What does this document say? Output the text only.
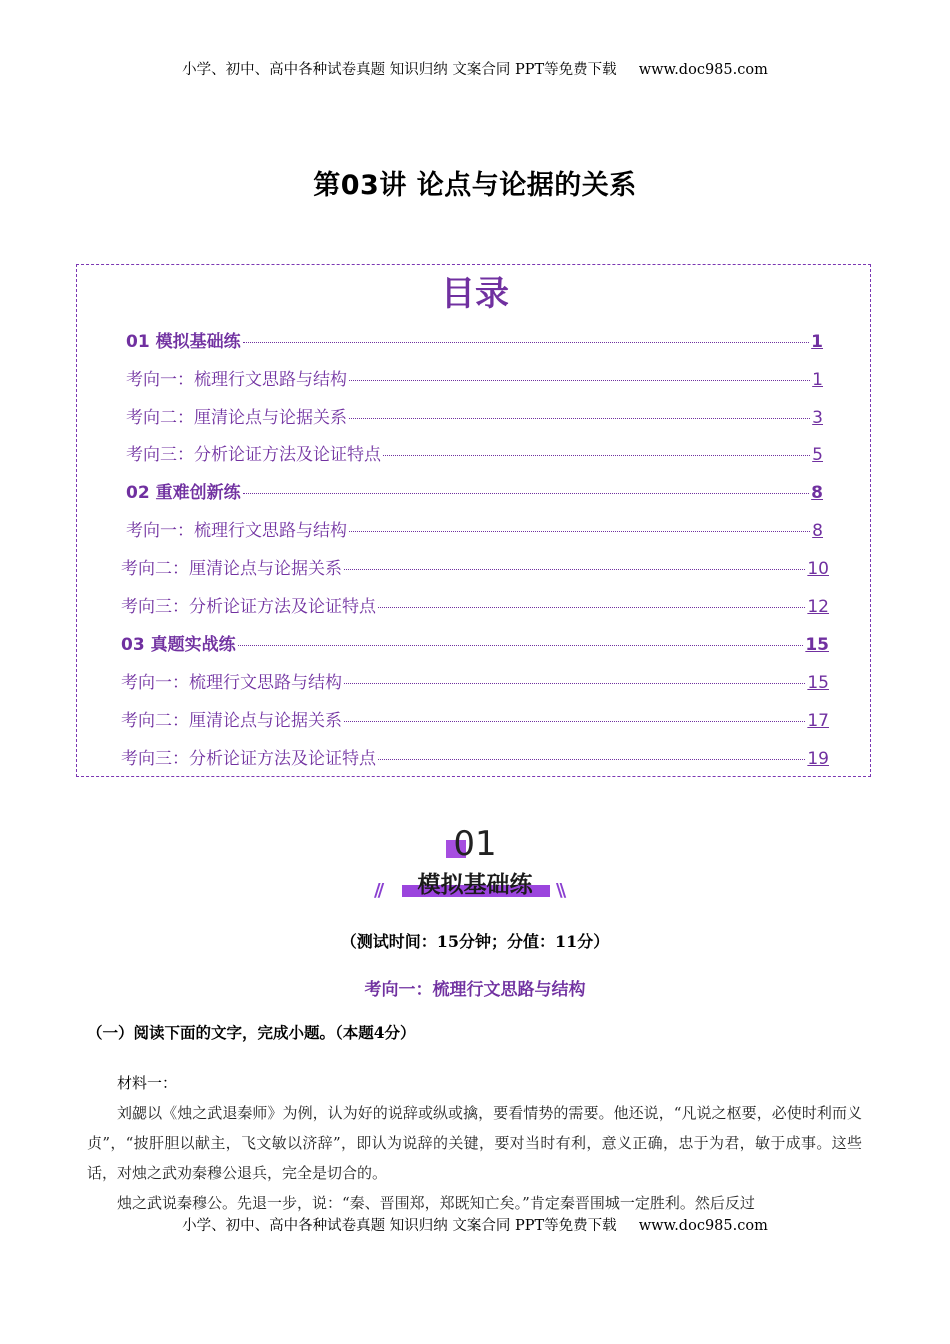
小学、初中、高中各种试卷真题 知识归纳 文案合同 PPT等免费下载 www.doc985.com
第03讲 论点与论据的关系
目录
01 模拟基础练	1
考向一：梳理行文思路与结构	1
考向二：厘清论点与论据关系	3
考向三：分析论证方法及论证特点	5
02 重难创新练	8
考向一：梳理行文思路与结构	8
考向二：厘清论点与论据关系	10
考向三：分析论证方法及论证特点	12
03 真题实战练	15
考向一：梳理行文思路与结构	15
考向二：厘清论点与论据关系	17
考向三：分析论证方法及论证特点	19
01
//	\\
模拟基础练
（测试时间：15分钟；分值：11分）
考向一：梳理行文思路与结构
（一）阅读下面的文字，完成小题。（本题4分）
材料一：

刘勰以《烛之武退秦师》为例，认为好的说辞或纵或擒，要看情势的需要。他还说，“凡说之枢要，必使时利而义贞”，“披肝胆以献主，飞文敏以济辞”，即认为说辞的关键，要对当时有利，意义正确，忠于为君，敏于成事。这些话，对烛之武劝秦穆公退兵，完全是切合的。

烛之武说秦穆公。先退一步，说：“秦、晋围郑，郑既知亡矣。”肯定秦晋围城一定胜利。然后反过

小学、初中、高中各种试卷真题 知识归纳 文案合同 PPT等免费下载 www.doc985.com
